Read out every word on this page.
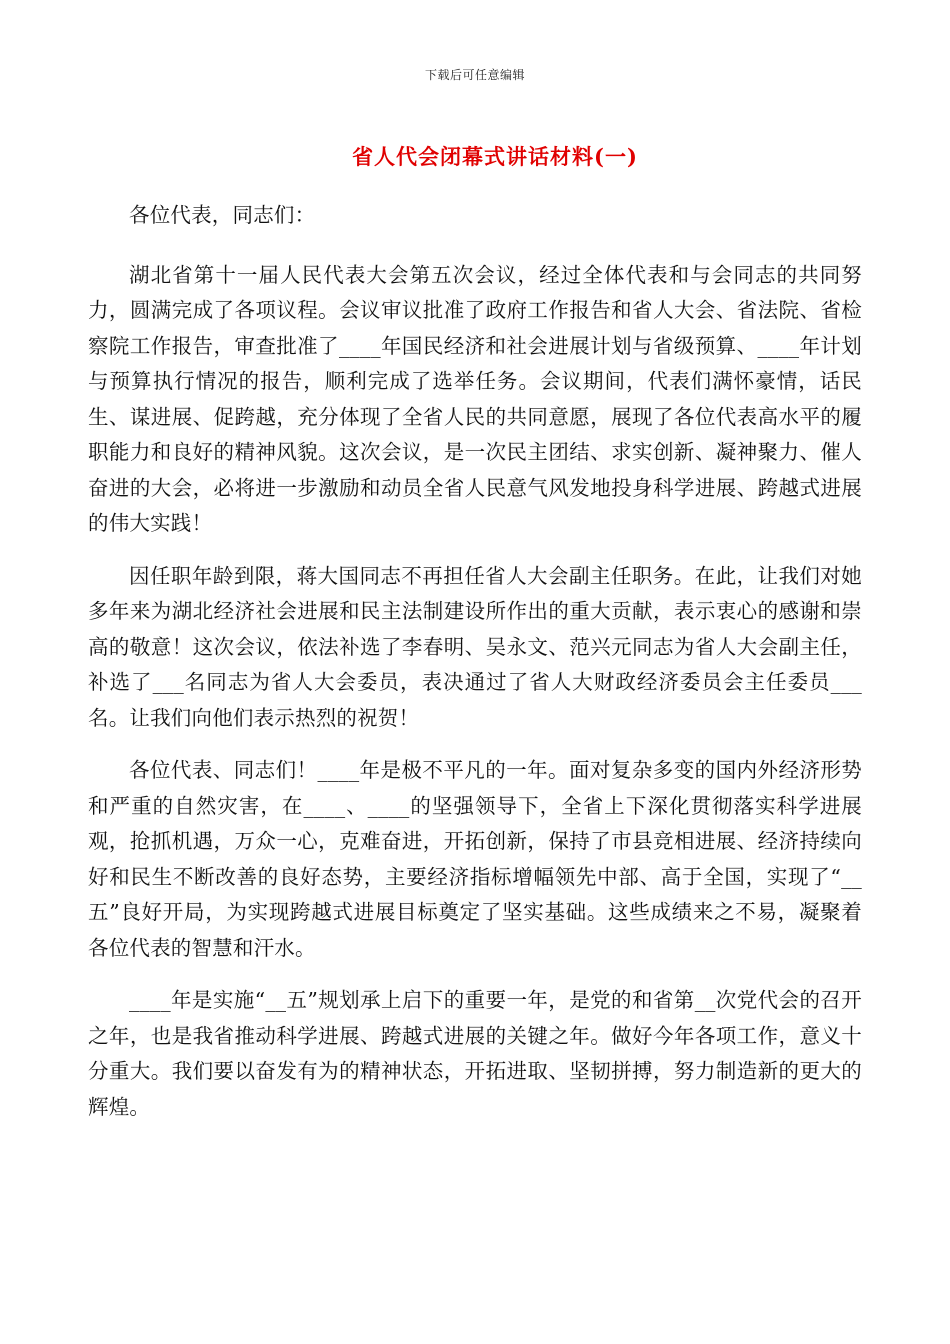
下载后可任意编辑
省人代会闭幕式讲话材料(一)

各位代表，同志们：

湖北省第十一届人民代表大会第五次会议，经过全体代表和与会同志的共同努力，圆满完成了各项议程。会议审议批准了政府工作报告和省人大会、省法院、省检察院工作报告，审查批准了____年国民经济和社会进展计划与省级预算、____年计划与预算执行情况的报告，顺利完成了选举任务。会议期间，代表们满怀豪情，话民生、谋进展、促跨越，充分体现了全省人民的共同意愿，展现了各位代表高水平的履职能力和良好的精神风貌。这次会议，是一次民主团结、求实创新、凝神聚力、催人奋进的大会，必将进一步激励和动员全省人民意气风发地投身科学进展、跨越式进展的伟大实践！

因任职年龄到限，蒋大国同志不再担任省人大会副主任职务。在此，让我们对她多年来为湖北经济社会进展和民主法制建设所作出的重大贡献，表示衷心的感谢和崇高的敬意！这次会议，依法补选了李春明、吴永文、范兴元同志为省人大会副主任，补选了___名同志为省人大会委员，表决通过了省人大财政经济委员会主任委员___名。让我们向他们表示热烈的祝贺！

各位代表、同志们！____年是极不平凡的一年。面对复杂多变的国内外经济形势和严重的自然灾害，在____、____的坚强领导下，全省上下深化贯彻落实科学进展观，抢抓机遇，万众一心，克难奋进，开拓创新，保持了市县竞相进展、经济持续向好和民生不断改善的良好态势，主要经济指标增幅领先中部、高于全国，实现了“__五”良好开局，为实现跨越式进展目标奠定了坚实基础。这些成绩来之不易，凝聚着各位代表的智慧和汗水。

____年是实施“__五”规划承上启下的重要一年，是党的和省第__次党代会的召开之年，也是我省推动科学进展、跨越式进展的关键之年。做好今年各项工作，意义十分重大。我们要以奋发有为的精神状态，开拓进取、坚韧拼搏，努力制造新的更大的辉煌。
